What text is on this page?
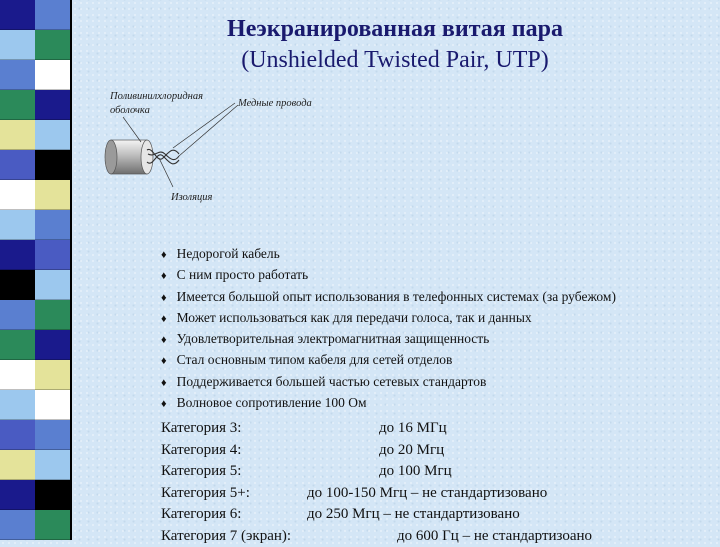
Неэкранированная витая пара
(Unshielded Twisted Pair, UTP)
Поливинилхлоридная
оболочка
Медные провода
Изоляция
♦ Недорогой кабель
♦ С ним просто работать
♦ Имеется большой опыт использования в телефонных системах (за рубежом)
♦ Может использоваться как для передачи голоса, так и данных
♦ Удовлетворительная электромагнитная защищенность
♦ Стал основным типом кабеля для сетей отделов
♦ Поддерживается большей частью сетевых стандартов
♦ Волновое сопротивление 100 Ом
Категория 3:	до 16 МГц
Категория 4:	до 20 Мгц
Категория 5:	до 100 Мгц
Категория 5+:	до 100-150 Мгц – не стандартизовано
Категория 6:	до 250 Мгц – не стандартизовано
Категория 7 (экран):	до 600 Гц – не стандартизоано
